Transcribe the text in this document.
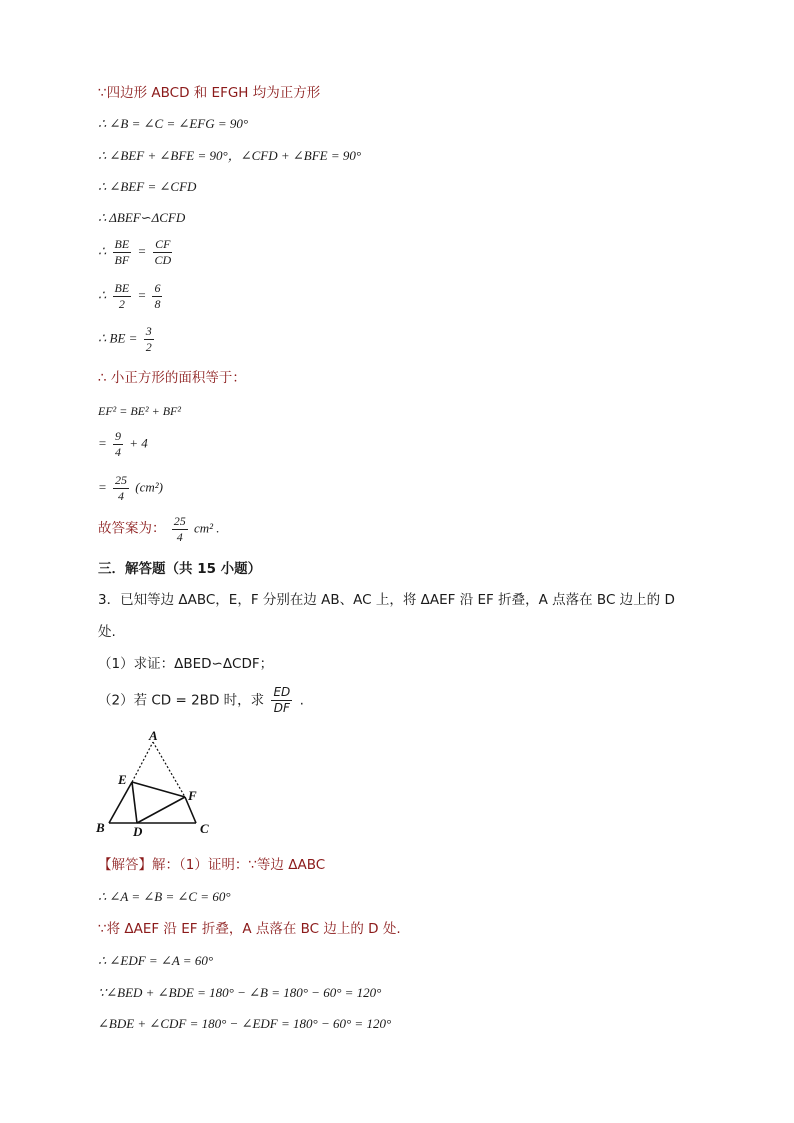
∵四边形 ABCD 和 EFGH 均为正方形
∴ ∠B = ∠C = ∠EFG = 90°
∴ ∠BEF + ∠BFE = 90°，∠CFD + ∠BFE = 90°
∴ ∠BEF = ∠CFD
∴ ΔBEF∽ΔCFD
∴ $\frac{BE}{BF} = \frac{CF}{CD}$
∴ $\frac{BE}{2} = \frac{6}{8}$
∴ BE = $\frac{3}{2}$
∴ 小正方形的面积等于：
EF² = BE² + BF²
= $\frac{9}{4} + 4$
= $\frac{25}{4} (cm^2)$
故答案为： $\frac{25}{4} cm^2$ .
三．解答题（共 15 小题）
3．已知等边 ΔABC，E，F 分别在边 AB、AC 上，将 ΔAEF 沿 EF 折叠，A 点落在 BC 边上的 D
处.
（1）求证：ΔBED∽ΔCDF；
（2）若 CD = 2BD 时，求 $\frac{ED}{DF}$ .
A
E
F
B D	C
【解答】解：（1）证明：∵等边 ΔABC
∴ ∠A = ∠B = ∠C = 60°
∵将 ΔAEF 沿 EF 折叠，A 点落在 BC 边上的 D 处.
∴ ∠EDF = ∠A = 60°
∵∠BED + ∠BDE = 180° − ∠B = 180° − 60° = 120°
∠BDE + ∠CDF = 180° − ∠EDF = 180° − 60° = 120°
